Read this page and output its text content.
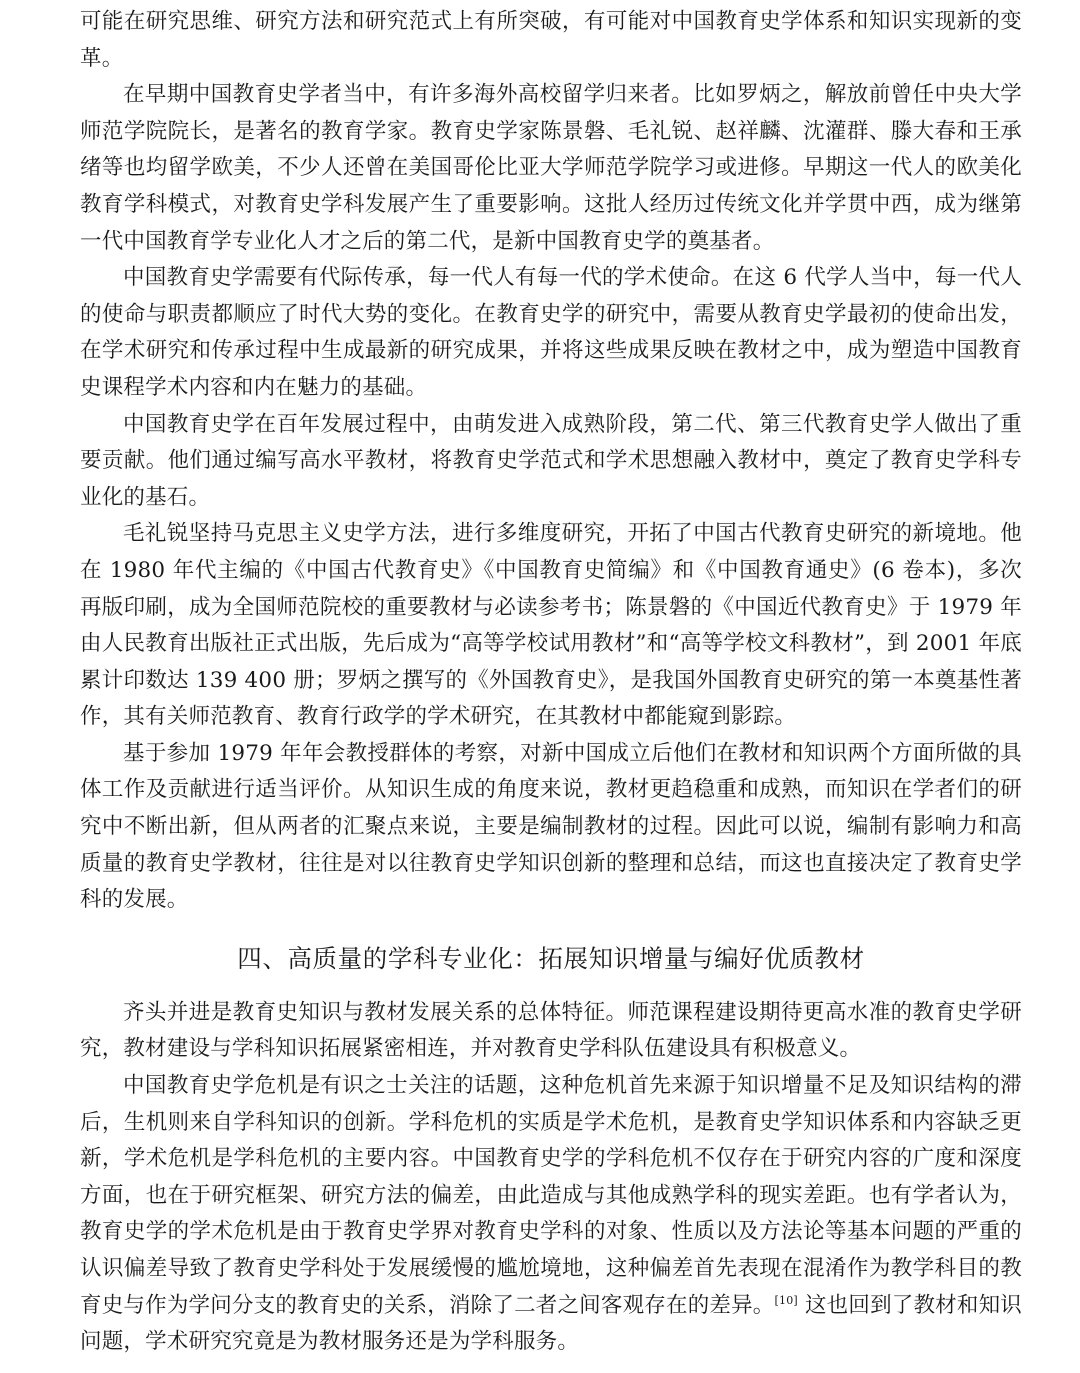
可能在研究思维、研究方法和研究范式上有所突破，有可能对中国教育史学体系和知识实现新的变革。

在早期中国教育史学者当中，有许多海外高校留学归来者。比如罗炳之，解放前曾任中央大学师范学院院长，是著名的教育学家。教育史学家陈景磐、毛礼锐、赵祥麟、沈灌群、滕大春和王承绪等也均留学欧美，不少人还曾在美国哥伦比亚大学师范学院学习或进修。早期这一代人的欧美化教育学科模式，对教育史学科发展产生了重要影响。这批人经历过传统文化并学贯中西，成为继第一代中国教育学专业化人才之后的第二代，是新中国教育史学的奠基者。

中国教育史学需要有代际传承，每一代人有每一代的学术使命。在这 6 代学人当中，每一代人的使命与职责都顺应了时代大势的变化。在教育史学的研究中，需要从教育史学最初的使命出发，在学术研究和传承过程中生成最新的研究成果，并将这些成果反映在教材之中，成为塑造中国教育史课程学术内容和内在魅力的基础。

中国教育史学在百年发展过程中，由萌发进入成熟阶段，第二代、第三代教育史学人做出了重要贡献。他们通过编写高水平教材，将教育史学范式和学术思想融入教材中，奠定了教育史学科专业化的基石。

毛礼锐坚持马克思主义史学方法，进行多维度研究，开拓了中国古代教育史研究的新境地。他在 1980 年代主编的《中国古代教育史》《中国教育史简编》和《中国教育通史》(6 卷本)，多次再版印刷，成为全国师范院校的重要教材与必读参考书；陈景磐的《中国近代教育史》于 1979 年由人民教育出版社正式出版，先后成为“高等学校试用教材”和“高等学校文科教材”，到 2001 年底累计印数达 139 400 册；罗炳之撰写的《外国教育史》，是我国外国教育史研究的第一本奠基性著作，其有关师范教育、教育行政学的学术研究，在其教材中都能窥到影踪。

基于参加 1979 年年会教授群体的考察，对新中国成立后他们在教材和知识两个方面所做的具体工作及贡献进行适当评价。从知识生成的角度来说，教材更趋稳重和成熟，而知识在学者们的研究中不断出新，但从两者的汇聚点来说，主要是编制教材的过程。因此可以说，编制有影响力和高质量的教育史学教材，往往是对以往教育史学知识创新的整理和总结，而这也直接决定了教育史学科的发展。

四、高质量的学科专业化：拓展知识增量与编好优质教材

齐头并进是教育史知识与教材发展关系的总体特征。师范课程建设期待更高水准的教育史学研究，教材建设与学科知识拓展紧密相连，并对教育史学科队伍建设具有积极意义。

中国教育史学危机是有识之士关注的话题，这种危机首先来源于知识增量不足及知识结构的滞后，生机则来自学科知识的创新。学科危机的实质是学术危机，是教育史学知识体系和内容缺乏更新，学术危机是学科危机的主要内容。中国教育史学的学科危机不仅存在于研究内容的广度和深度方面，也在于研究框架、研究方法的偏差，由此造成与其他成熟学科的现实差距。也有学者认为，教育史学的学术危机是由于教育史学界对教育史学科的对象、性质以及方法论等基本问题的严重的认识偏差导致了教育史学科处于发展缓慢的尴尬境地，这种偏差首先表现在混淆作为教学科目的教育史与作为学问分支的教育史的关系，消除了二者之间客观存在的差异。[10] 这也回到了教材和知识问题，学术研究究竟是为教材服务还是为学科服务。
